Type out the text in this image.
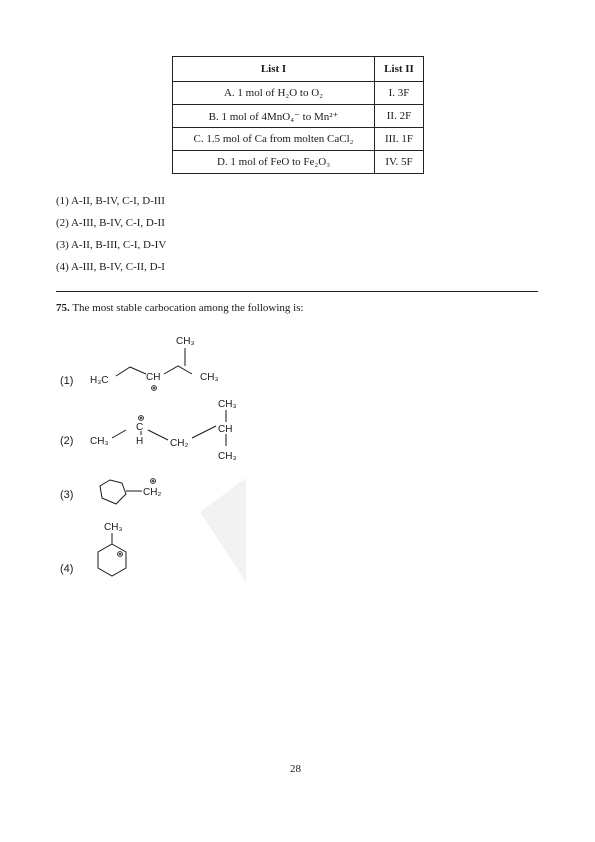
List I	List II
A. 1 mol of H₂O to O₂	I. 3F
B. 1 mol of 4MnO₄⁻ to Mn²⁺	II. 2F
C. 1.5 mol of Ca from molten CaCl₂	III. 1F
D. 1 mol of FeO to Fe₂O₃	IV. 5F
(1) A-II, B-IV, C-I, D-III
(2) A-III, B-IV, C-I, D-II
(3) A-II, B-III, C-I, D-IV
(4) A-III, B-IV, C-II, D-I
75. The most stable carbocation among the following is:
(1) H₃C	CH
CH₃
CH₃
(2) CH₃
C
H	CH₂
CH
CH₃
CH₃
(3)	CH₂
(4)
CH₃
28
